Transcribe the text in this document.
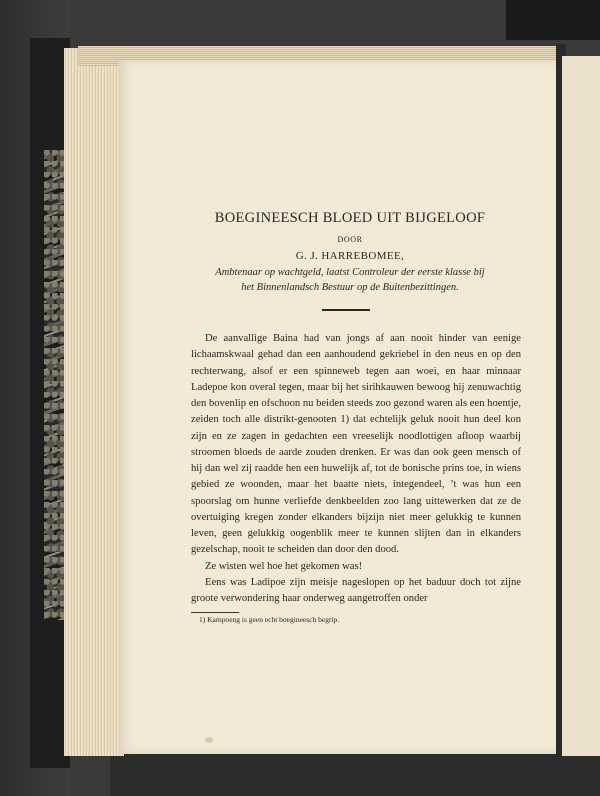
BOEGINEESCH BLOED UIT BIJGELOOF
DOOR
G. J. HARREBOMEE,
Ambtenaar op wachtgeld, laatst Controleur der eerste klasse bij
het Binnenlandsch Bestuur op de Buitenbezittingen.

De aanvallige Baina had van jongs af aan nooit hinder van eenige lichaamskwaal gehad dan een aanhoudend gekriebel in den neus en op den rechterwang, alsof er een spinneweb tegen aan woei, en haar minnaar Ladepoe kon overal tegen, maar bij het sirihkauwen bewoog hij zenuwachtig den bovenlip en ofschoon nu beiden steeds zoo gezond waren als een hoentje, zeiden toch alle distrikt-genooten 1) dat echtelijk geluk nooit hun deel kon zijn en ze zagen in gedachten een vreeselijk noodlottigen afloop waarbij stroomen bloeds de aarde zouden drenken. Er was dan ook geen mensch of hij dan wel zij raadde hen een huwelijk af, tot de bonische prins toe, in wiens gebied ze woonden, maar het baatte niets, integendeel, ’t was hun een spoorslag om hunne verliefde denkbeelden zoo lang uittewerken dat ze de overtuiging kregen zonder elkanders bijzijn niet meer gelukkig te kunnen leven, geen gelukkig oogenblik meer te kunnen slijten dan in elkanders gezelschap, nooit te scheiden dan door den dood.

Ze wisten wel hoe het gekomen was!

Eens was Ladipoe zijn meisje nageslopen op het baduur doch tot zijne groote verwondering haar onderweg aangetroffen onder

1) Kampoeng is geen echt boegineesch begrip.
